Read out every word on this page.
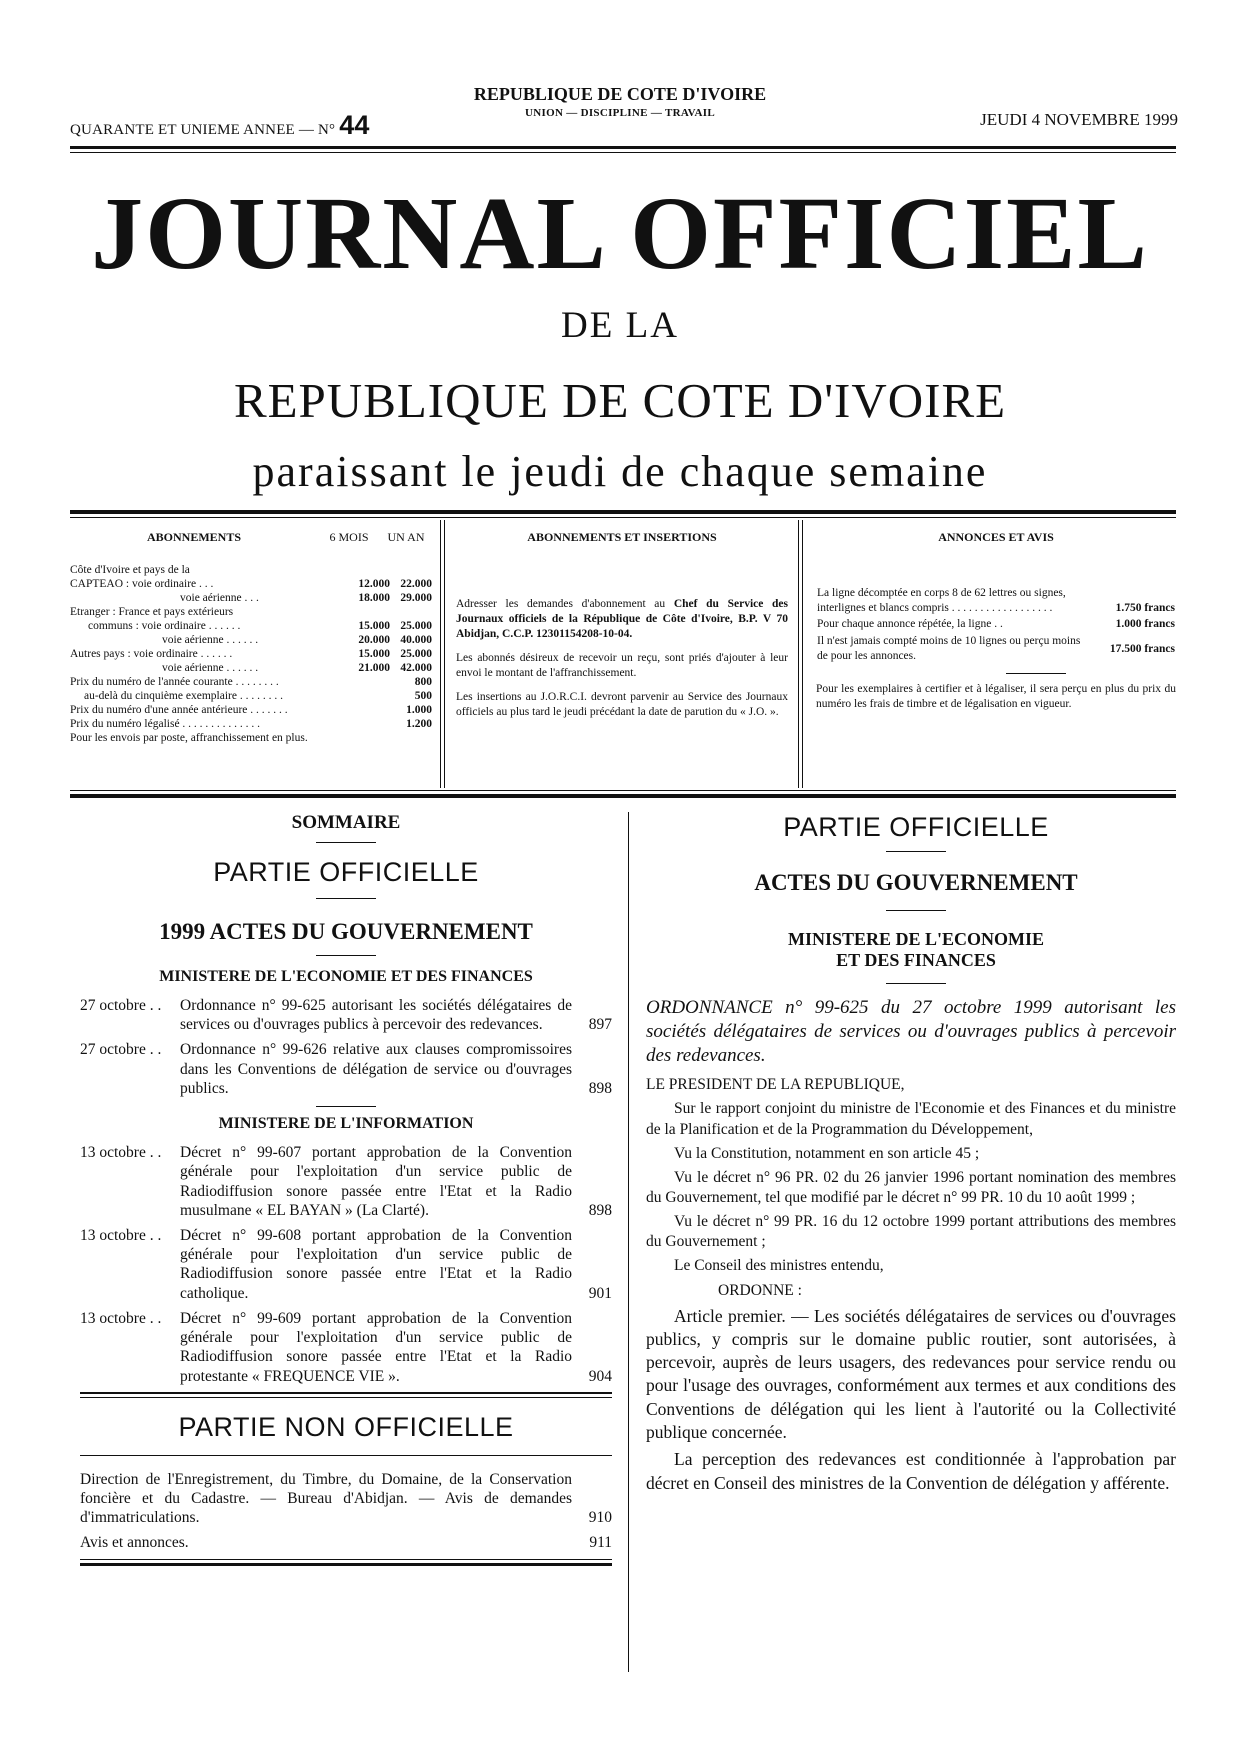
QUARANTE ET UNIEME ANNEE — N° 44
REPUBLIQUE DE COTE D'IVOIRE
UNION — DISCIPLINE — TRAVAIL	JEUDI 4 NOVEMBRE 1999
JOURNAL OFFICIEL
DE LA
REPUBLIQUE DE COTE D'IVOIRE
paraissant le jeudi de chaque semaine
ABONNEMENTS	6 MOIS	UN AN
Côte d'Ivoire et pays de la		
CAPTEAO : voie ordinaire . . .	12.000	22.000
voie aérienne . . .	18.000	29.000
Etranger : France et pays extérieurs		
communs : voie ordinaire . . . . . .	15.000	25.000
voie aérienne . . . . . .	20.000	40.000
Autres pays : voie ordinaire . . . . . .	15.000	25.000
voie aérienne . . . . . .	21.000	42.000
Prix du numéro de l'année courante . . . . . . . .		800
au-delà du cinquième exemplaire . . . . . . . .		500
Prix du numéro d'une année antérieure . . . . . . .		1.000
Prix du numéro légalisé . . . . . . . . . . . . . .		1.200
Pour les envois par poste, affranchissement en plus.		
ABONNEMENTS ET INSERTIONS

Adresser les demandes d'abonnement au Chef du Service des Journaux officiels de la République de Côte d'Ivoire, B.P. V 70 Abidjan, C.C.P. 12301154208-10-04.

Les abonnés désireux de recevoir un reçu, sont priés d'ajouter à leur envoi le montant de l'affranchissement.

Les insertions au J.O.R.C.I. devront parvenir au Service des Journaux officiels au plus tard le jeudi précédant la date de parution du « J.O. ».

ANNONCES ET AVIS
La ligne décomptée en corps 8 de 62 lettres ou signes, interlignes et blancs compris . . . . . . . . . . . . . . . . . .	1.750 francs
Pour chaque annonce répétée, la ligne . .	1.000 francs
Il n'est jamais compté moins de 10 lignes ou perçu moins de pour les annonces.	17.500 francs

Pour les exemplaires à certifier et à légaliser, il sera perçu en plus du prix du numéro les frais de timbre et de légalisation en vigueur.

SOMMAIRE
PARTIE OFFICIELLE
1999 ACTES DU GOUVERNEMENT
MINISTERE DE L'ECONOMIE ET DES FINANCES
27 octobre . .	Ordonnance n° 99-625 autorisant les sociétés délégataires de services ou d'ouvrages publics à percevoir des redevances.	897
27 octobre . .	Ordonnance n° 99-626 relative aux clauses compromissoires dans les Conventions de délégation de service ou d'ouvrages publics.	898
MINISTERE DE L'INFORMATION
13 octobre . .	Décret n° 99-607 portant approbation de la Convention générale pour l'exploitation d'un service public de Radiodiffusion sonore passée entre l'Etat et la Radio musulmane « EL BAYAN » (La Clarté).	898
13 octobre . .	Décret n° 99-608 portant approbation de la Convention générale pour l'exploitation d'un service public de Radiodiffusion sonore passée entre l'Etat et la Radio catholique.	901
13 octobre . .	Décret n° 99-609 portant approbation de la Convention générale pour l'exploitation d'un service public de Radiodiffusion sonore passée entre l'Etat et la Radio protestante « FREQUENCE VIE ».	904
PARTIE NON OFFICIELLE
Direction de l'Enregistrement, du Timbre, du Domaine, de la Conservation foncière et du Cadastre. — Bureau d'Abidjan. — Avis de demandes d'immatriculations.	910
Avis et annonces.	911
PARTIE OFFICIELLE
ACTES DU GOUVERNEMENT
MINISTERE DE L'ECONOMIE
ET DES FINANCES
ORDONNANCE n° 99-625 du 27 octobre 1999 autorisant les sociétés délégataires de services ou d'ouvrages publics à percevoir des redevances.
LE PRESIDENT DE LA REPUBLIQUE,

Sur le rapport conjoint du ministre de l'Economie et des Finances et du ministre de la Planification et de la Programmation du Développement,

Vu la Constitution, notamment en son article 45 ;

Vu le décret n° 96 PR. 02 du 26 janvier 1996 portant nomination des membres du Gouvernement, tel que modifié par le décret n° 99 PR. 10 du 10 août 1999 ;

Vu le décret n° 99 PR. 16 du 12 octobre 1999 portant attributions des membres du Gouvernement ;

Le Conseil des ministres entendu,

ORDONNE :

Article premier. — Les sociétés délégataires de services ou d'ouvrages publics, y compris sur le domaine public routier, sont autorisées, à percevoir, auprès de leurs usagers, des redevances pour service rendu ou pour l'usage des ouvrages, conformément aux termes et aux conditions des Conventions de délégation qui les lient à l'autorité ou la Collectivité publique concernée.

La perception des redevances est conditionnée à l'approbation par décret en Conseil des ministres de la Convention de délégation y afférente.
